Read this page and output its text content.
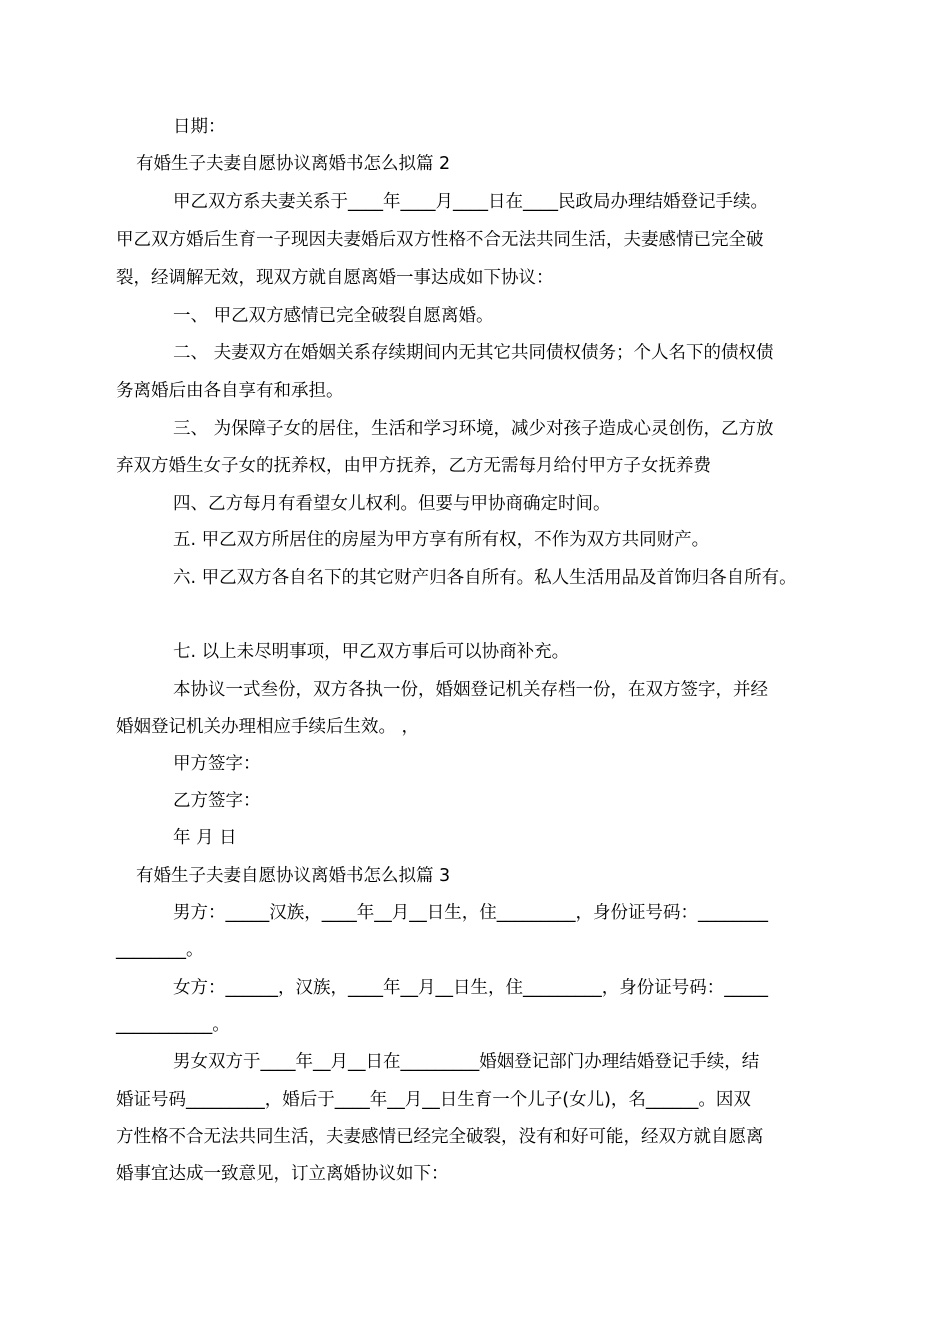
日期：
有婚生子夫妻自愿协议离婚书怎么拟篇 2
甲乙双方系夫妻关系于____年____月____日在____民政局办理结婚登记手续。
甲乙双方婚后生育一子现因夫妻婚后双方性格不合无法共同生活，夫妻感情已完全破
裂，经调解无效，现双方就自愿离婚一事达成如下协议：
一、 甲乙双方感情已完全破裂自愿离婚。
二、 夫妻双方在婚姻关系存续期间内无其它共同债权债务；个人名下的债权债
务离婚后由各自享有和承担。
三、 为保障子女的居住，生活和学习环境，减少对孩子造成心灵创伤，乙方放
弃双方婚生女子女的抚养权，由甲方抚养，乙方无需每月给付甲方子女抚养费
四、乙方每月有看望女儿权利。但要与甲协商确定时间。
五. 甲乙双方所居住的房屋为甲方享有所有权，不作为双方共同财产。
六. 甲乙双方各自名下的其它财产归各自所有。私人生活用品及首饰归各自所有。
七. 以上未尽明事项，甲乙双方事后可以协商补充。
本协议一式叁份，双方各执一份，婚姻登记机关存档一份，在双方签字，并经
婚姻登记机关办理相应手续后生效。 ，
甲方签字：
乙方签字：
年 月 日
有婚生子夫妻自愿协议离婚书怎么拟篇 3
男方：_____汉族，____年__月__日生，住_________，身份证号码：________
________。
女方：______，汉族，____年__月__日生，住_________，身份证号码：_____
___________。
男女双方于____年__月__日在_________婚姻登记部门办理结婚登记手续，结
婚证号码_________，婚后于____年__月__日生育一个儿子(女儿)，名______。因双
方性格不合无法共同生活，夫妻感情已经完全破裂，没有和好可能，经双方就自愿离
婚事宜达成一致意见，订立离婚协议如下：
